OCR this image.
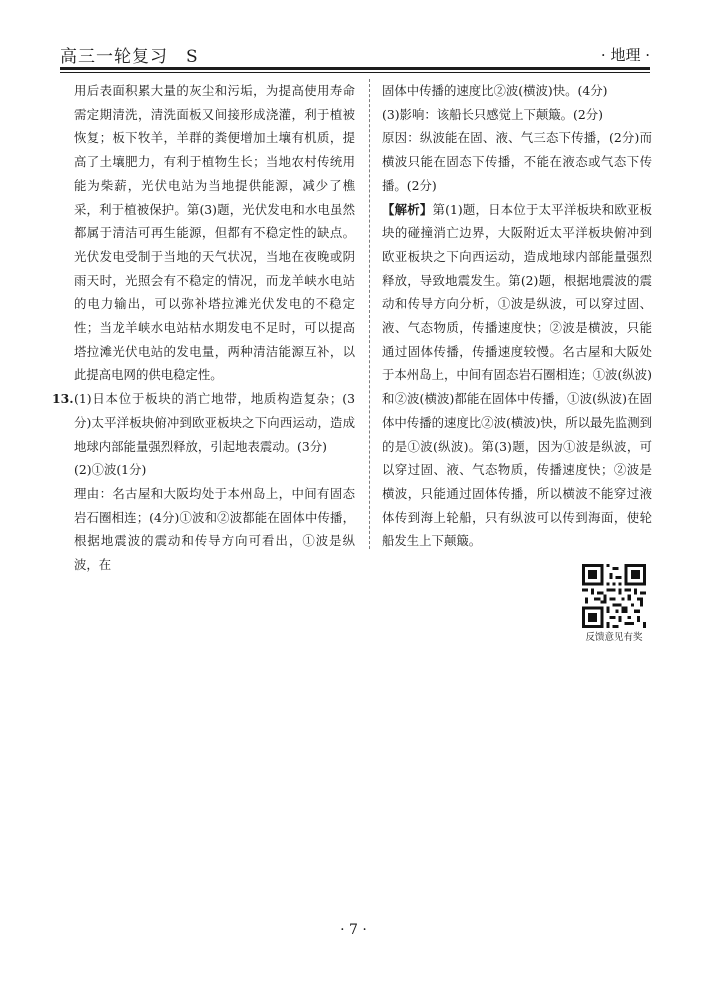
高三一轮复习　S	· 地理 ·

用后表面积累大量的灰尘和污垢，为提高使用寿命需定期清洗，清洗面板又间接形成浇灌，利于植被恢复；板下牧羊，羊群的粪便增加土壤有机质，提高了土壤肥力，有利于植物生长；当地农村传统用能为柴薪，光伏电站为当地提供能源，减少了樵采，利于植被保护。第(3)题，光伏发电和水电虽然都属于清洁可再生能源，但都有不稳定性的缺点。光伏发电受制于当地的天气状况，当地在夜晚或阴雨天时，光照会有不稳定的情况，而龙羊峡水电站的电力输出，可以弥补塔拉滩光伏发电的不稳定性；当龙羊峡水电站枯水期发电不足时，可以提高塔拉滩光伏电站的发电量，两种清洁能源互补，以此提高电网的供电稳定性。

13. (1)日本位于板块的消亡地带，地质构造复杂；(3分)太平洋板块俯冲到欧亚板块之下向西运动，造成地球内部能量强烈释放，引起地表震动。(3分)

(2)①波(1分)

理由：名古屋和大阪均处于本州岛上，中间有固态岩石圈相连；(4分)①波和②波都能在固体中传播，根据地震波的震动和传导方向可看出，①波是纵波，在

固体中传播的速度比②波(横波)快。(4分)

(3)影响：该船长只感觉上下颠簸。(2分)

原因：纵波能在固、液、气三态下传播，(2分)而横波只能在固态下传播，不能在液态或气态下传播。(2分)

【解析】第(1)题，日本位于太平洋板块和欧亚板块的碰撞消亡边界，大阪附近太平洋板块俯冲到欧亚板块之下向西运动，造成地球内部能量强烈释放，导致地震发生。第(2)题，根据地震波的震动和传导方向分析，①波是纵波，可以穿过固、液、气态物质，传播速度快；②波是横波，只能通过固体传播，传播速度较慢。名古屋和大阪处于本州岛上，中间有固态岩石圈相连；①波(纵波)和②波(横波)都能在固体中传播，①波(纵波)在固体中传播的速度比②波(横波)快，所以最先监测到的是①波(纵波)。第(3)题，因为①波是纵波，可以穿过固、液、气态物质，传播速度快；②波是横波，只能通过固体传播，所以横波不能穿过液体传到海上轮船，只有纵波可以传到海面，使轮船发生上下颠簸。

反馈意见有奖
· 7 ·
